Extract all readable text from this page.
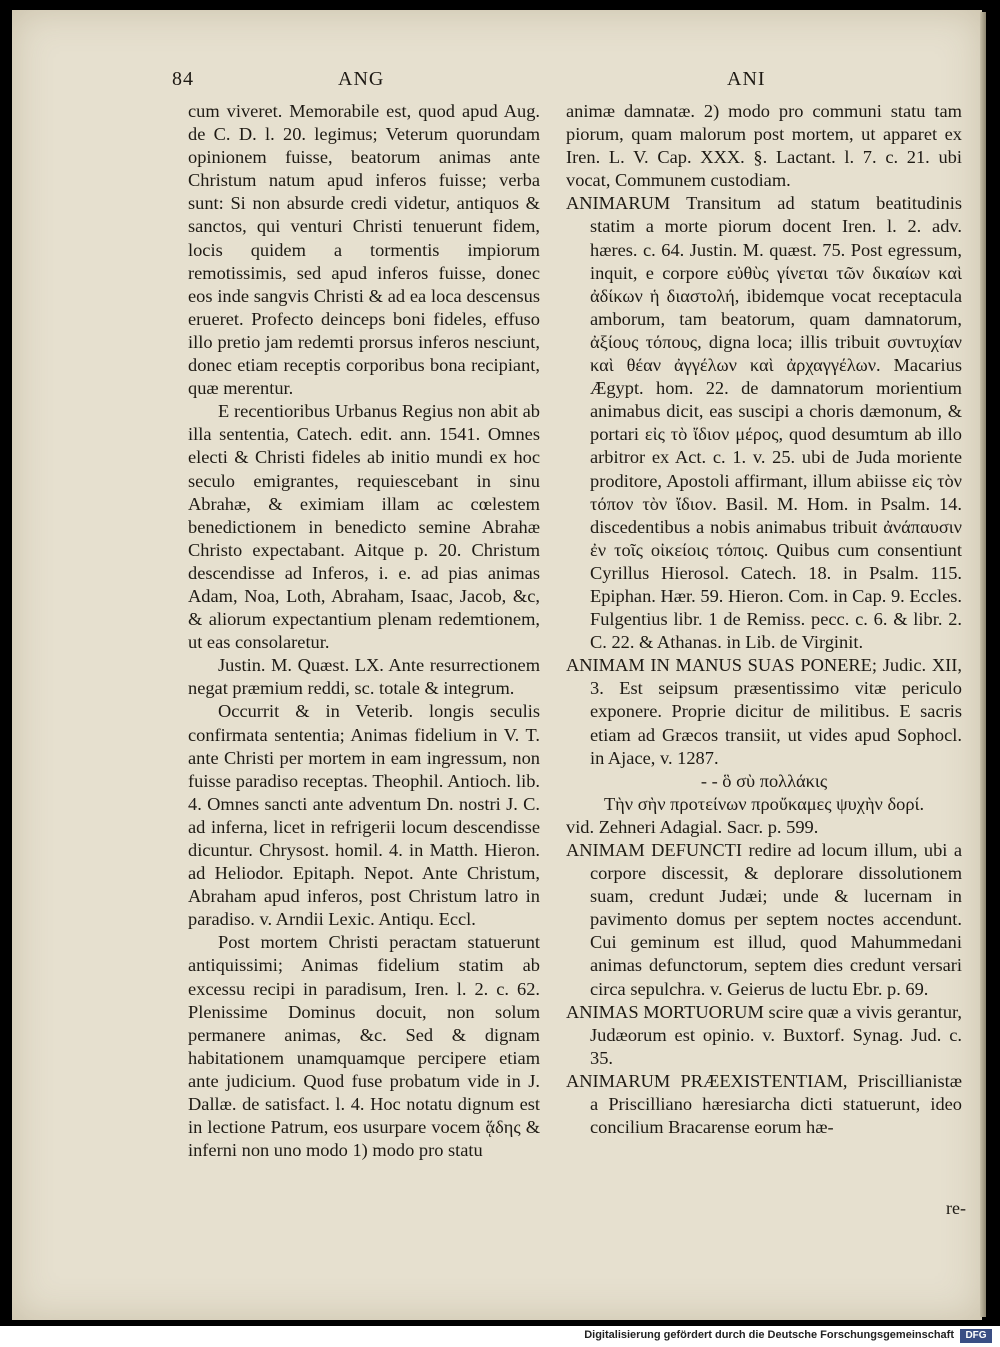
84	ANG	ANI

cum viveret. Memorabile est, quod apud Aug. de C. D. l. 20. legimus; Veterum quorundam opinionem fuisse, beatorum animas ante Christum natum apud inferos fuisse; verba sunt: Si non absurde credi videtur, antiquos & sanctos, qui venturi Christi tenuerunt fidem, locis quidem a tormentis impiorum remotissimis, sed apud inferos fuisse, donec eos inde sangvis Christi & ad ea loca descensus erueret. Profecto deinceps boni fideles, effuso illo pretio jam redemti prorsus inferos nesciunt, donec etiam receptis corporibus bona recipiant, quæ merentur.

E recentioribus Urbanus Regius non abit ab illa sententia, Catech. edit. ann. 1541. Omnes electi & Christi fideles ab initio mundi ex hoc seculo emigrantes, requiescebant in sinu Abrahæ, & eximiam illam ac cœlestem benedictionem in benedicto semine Abrahæ Christo expectabant. Aitque p. 20. Christum descendisse ad Inferos, i. e. ad pias animas Adam, Noa, Loth, Abraham, Isaac, Jacob, &c, & aliorum expectantium plenam redemtionem, ut eas consolaretur.

Justin. M. Quæst. LX. Ante resurrectionem negat præmium reddi, sc. totale & integrum.

Occurrit & in Veterib. longis seculis confirmata sententia; Animas fidelium in V. T. ante Christi per mortem in eam ingressum, non fuisse paradiso receptas. Theophil. Antioch. lib. 4. Omnes sancti ante adventum Dn. nostri J. C. ad inferna, licet in refrigerii locum descendisse dicuntur. Chrysost. homil. 4. in Matth. Hieron. ad Heliodor. Epitaph. Nepot. Ante Christum, Abraham apud inferos, post Christum latro in paradiso. v. Arndii Lexic. Antiqu. Eccl.

Post mortem Christi peractam statuerunt antiquissimi; Animas fidelium statim ab excessu recipi in paradisum, Iren. l. 2. c. 62. Plenissime Dominus docuit, non solum permanere animas, &c. Sed & dignam habitationem unamquamque percipere etiam ante judicium. Quod fuse probatum vide in J. Dallæ. de satisfact. l. 4. Hoc notatu dignum est in lectione Patrum, eos usurpare vocem ᾅδης & inferni non uno modo 1) modo pro statu

animæ damnatæ. 2) modo pro communi statu tam piorum, quam malorum post mortem, ut apparet ex Iren. L. V. Cap. XXX. §. Lactant. l. 7. c. 21. ubi vocat, Communem custodiam.

ANIMARUM Transitum ad statum beatitudinis statim a morte piorum docent Iren. l. 2. adv. hæres. c. 64. Justin. M. quæst. 75. Post egressum, inquit, e corpore εὐθὺς γίνεται τῶν δικαίων καὶ ἀδίκων ἡ διαστολή, ibidemque vocat receptacula amborum, tam beatorum, quam damnatorum, ἀξίους τόπους, digna loca; illis tribuit συντυχίαν καὶ θέαν ἀγγέλων καὶ ἀρχαγγέλων. Macarius Ægypt. hom. 22. de damnatorum morientium animabus dicit, eas suscipi a choris dæmonum, & portari εἰς τὸ ἴδιον μέρος, quod desumtum ab illo arbitror ex Act. c. 1. v. 25. ubi de Juda moriente proditore, Apostoli affirmant, illum abiisse εἰς τὸν τόπον τὸν ἴδιον. Basil. M. Hom. in Psalm. 14. discedentibus a nobis animabus tribuit ἀνάπαυσιν ἐν τοῖς οἰκείοις τόποις. Quibus cum consentiunt Cyrillus Hierosol. Catech. 18. in Psalm. 115. Epiphan. Hær. 59. Hieron. Com. in Cap. 9. Eccles. Fulgentius libr. 1 de Remiss. pecc. c. 6. & libr. 2. C. 22. & Athanas. in Lib. de Virginit.

ANIMAM IN MANUS SUAS PONERE; Judic. XII, 3. Est seipsum præsentissimo vitæ periculo exponere. Proprie dicitur de militibus. E sacris etiam ad Græcos transiit, ut vides apud Sophocl. in Ajace, v. 1287.

- - ὃ σὺ πολλάκις

Τὴν σὴν προτείνων προὔκαμες ψυχὴν δορί.

vid. Zehneri Adagial. Sacr. p. 599.

ANIMAM DEFUNCTI redire ad locum illum, ubi a corpore discessit, & deplorare dissolutionem suam, credunt Judæi; unde & lucernam in pavimento domus per septem noctes accendunt. Cui geminum est illud, quod Mahummedani animas defunctorum, septem dies credunt versari circa sepulchra. v. Geierus de luctu Ebr. p. 69.

ANIMAS MORTUORUM scire quæ a vivis gerantur, Judæorum est opinio. v. Buxtorf. Synag. Jud. c. 35.

ANIMARUM PRÆEXISTENTIAM, Priscillianistæ a Priscilliano hæresiarcha dicti statuerunt, ideo concilium Bracarense eorum hæ-

re-
Digitalisierung gefördert durch die Deutsche Forschungsgemeinschaft	DFG
